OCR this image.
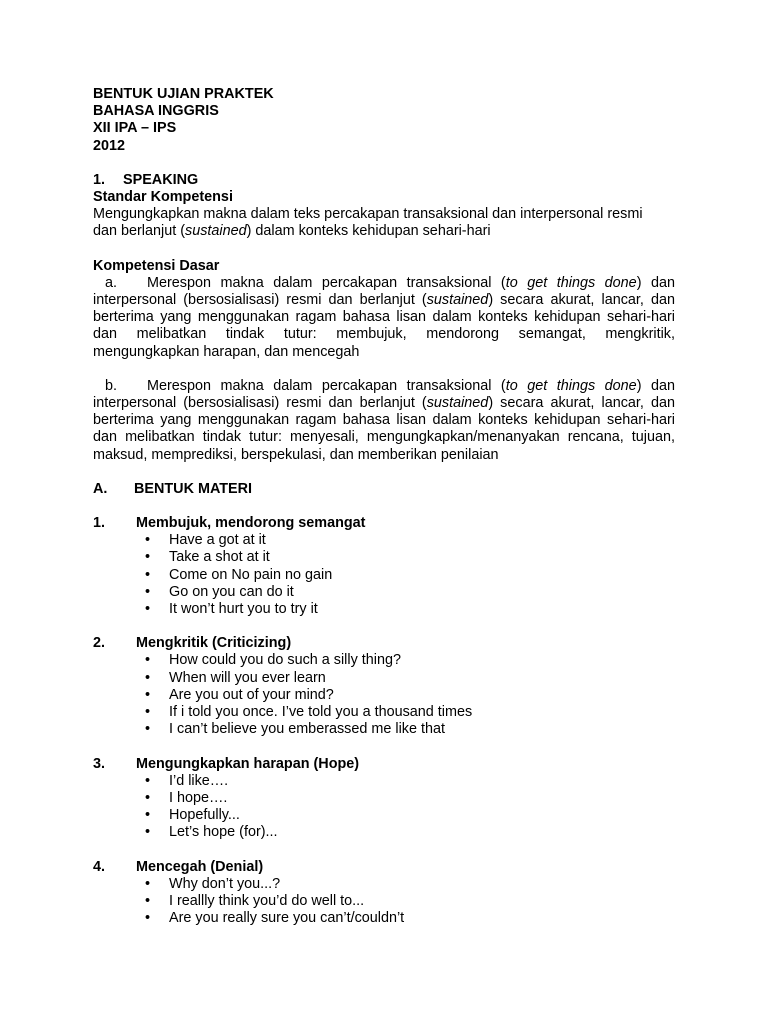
BENTUK UJIAN PRAKTEK
BAHASA INGGRIS
XII IPA – IPS
2012
1.	SPEAKING
Standar Kompetensi
Mengungkapkan makna dalam teks percakapan transaksional dan interpersonal resmi dan berlanjut (sustained) dalam konteks kehidupan sehari-hari
Kompetensi Dasar
a. Merespon makna dalam percakapan transaksional (to get things done) dan interpersonal (bersosialisasi) resmi dan berlanjut (sustained) secara akurat, lancar, dan berterima yang menggunakan ragam bahasa lisan dalam konteks kehidupan sehari-hari dan melibatkan tindak tutur: membujuk, mendorong semangat, mengkritik, mengungkapkan harapan, dan mencegah
b. Merespon makna dalam percakapan transaksional (to get things done) dan interpersonal (bersosialisasi) resmi dan berlanjut (sustained) secara akurat, lancar, dan berterima yang menggunakan ragam bahasa lisan dalam konteks kehidupan sehari-hari dan melibatkan tindak tutur: menyesali, mengungkapkan/menanyakan rencana, tujuan, maksud, memprediksi, berspekulasi, dan memberikan penilaian
A.	BENTUK MATERI
1.	Membujuk, mendorong semangat
• Have a got at it
• Take a shot at it
• Come on No pain no gain
• Go on you can do it
• It won’t hurt you to try it
2.	Mengkritik (Criticizing)
• How could you do such a silly thing?
• When will you ever learn
• Are you out of your mind?
• If i told you once. I’ve told you a thousand times
• I can’t believe you emberassed me like that
3.	Mengungkapkan harapan (Hope)
• I’d like….
• I hope….
• Hopefully...
• Let’s hope (for)...
4.	Mencegah (Denial)
• Why don’t you...?
• I reallly think you’d do well to...
• Are you really sure you can’t/couldn’t
